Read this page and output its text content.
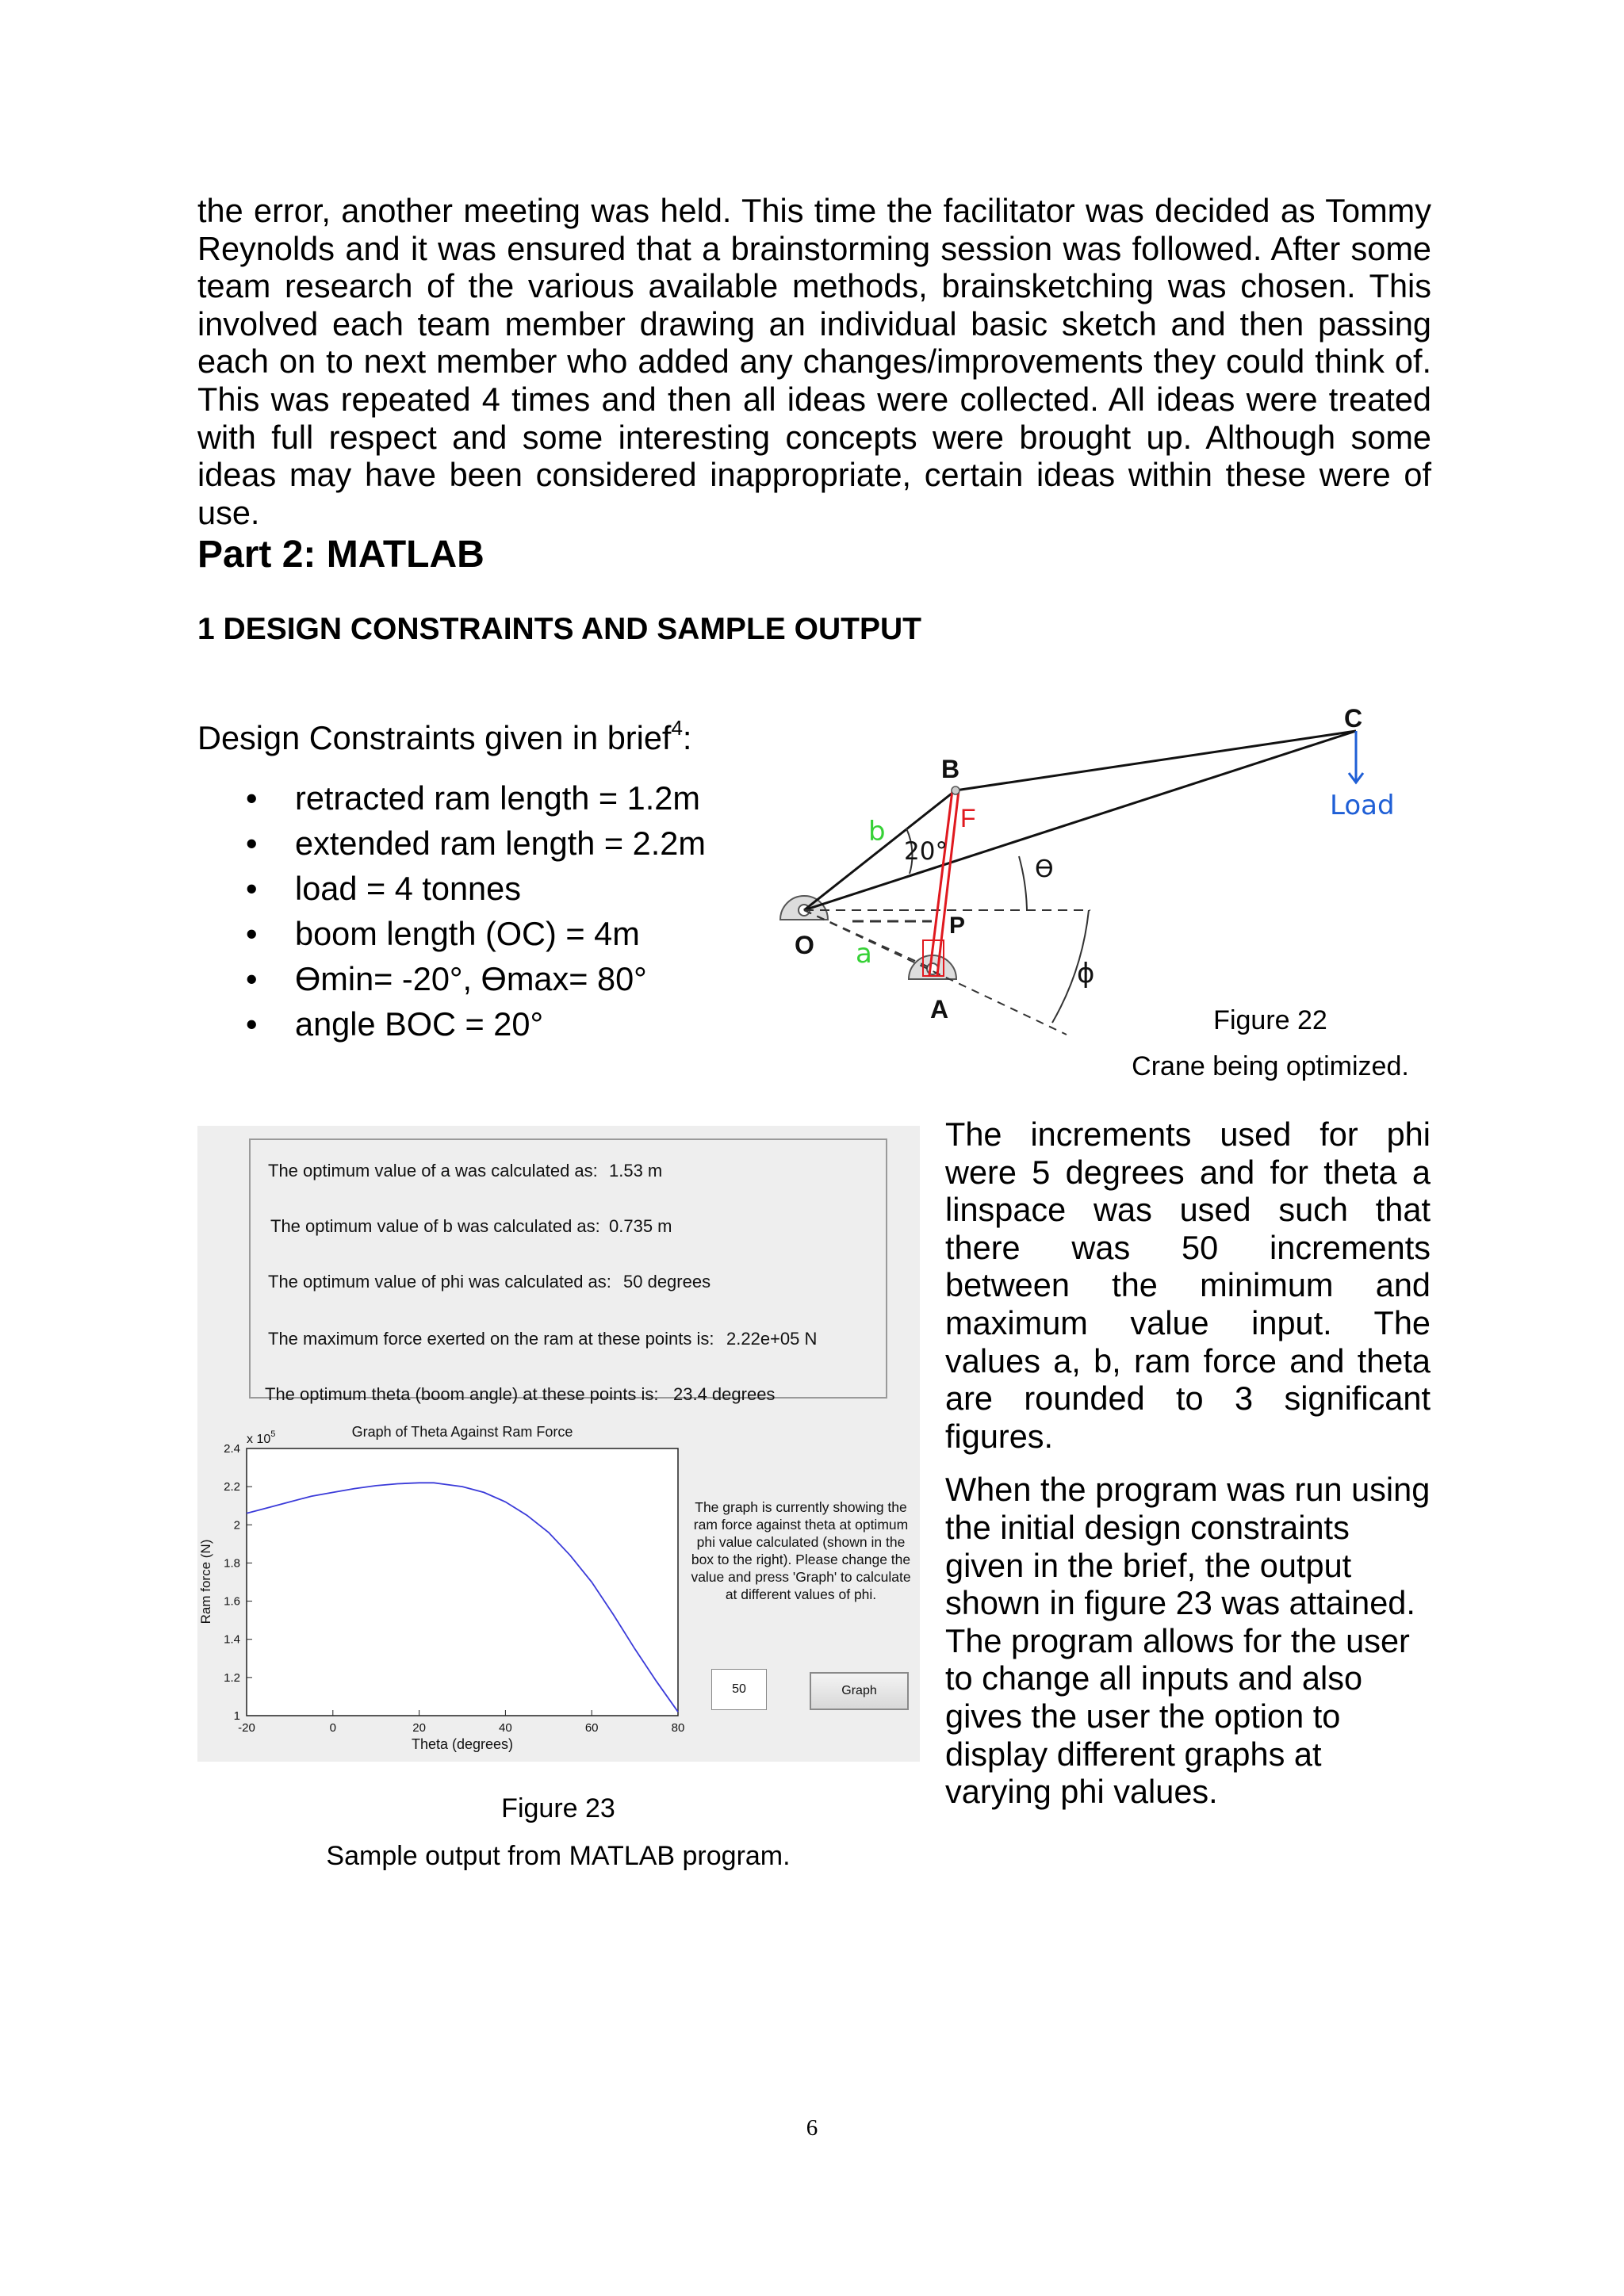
the error, another meeting was held. This time the facilitator was decided as Tommy Reynolds and it was ensured that a brainstorming session was followed. After some team research of the various available methods, brainsketching was chosen. This involved each team member drawing an individual basic sketch and then passing each on to next member who added any changes/improvements they could think of. This was repeated 4 times and then all ideas were collected. All ideas were treated with full respect and some interesting concepts were brought up. Although some ideas may have been considered inappropriate, certain ideas within these were of use.
Part 2: MATLAB
1 DESIGN CONSTRAINTS AND SAMPLE OUTPUT
Design Constraints given in brief$^4$:
• retracted ram length = 1.2m
• extended ram length = 2.2m
• load = 4 tonnes
• boom length (OC) = 4m
• ϴmin= -20°, ϴmax= 80°
• angle BOC = 20°
C
B
O
A
P
F	Load
b
a
20°
ϴ
ϕ
Figure 22
Crane being optimized.
The optimum value of a was calculated as: 1.53 m
The optimum value of b was calculated as: 0.735 m
The optimum value of phi was calculated as: 50 degrees
The maximum force exerted on the ram at these points is: 2.22e+05 N
The optimum theta (boom angle) at these points is: 23.4 degrees
Graph of Theta Against Ram Force
Theta (degrees)
Ram force (N)
x $10^5$
-20	0	20	40	60	80
1
1.2
1.4
1.6
1.8
2
2.2
2.4
The graph is currently showing the ram force against theta at optimum phi value calculated (shown in the box to the right). Please change the value and press 'Graph' to calculate at different values of phi.
50	Graph
Figure 23
Sample output from MATLAB program.

The increments used for phi were 5 degrees and for theta a linspace was used such that there was 50 increments between the minimum and maximum value input. The values a, b, ram force and theta are rounded to 3 significant figures.

When the program was run using the initial design constraints given in the brief, the output shown in figure 23 was attained. The program allows for the user to change all inputs and also gives the user the option to display different graphs at varying phi values.

6
